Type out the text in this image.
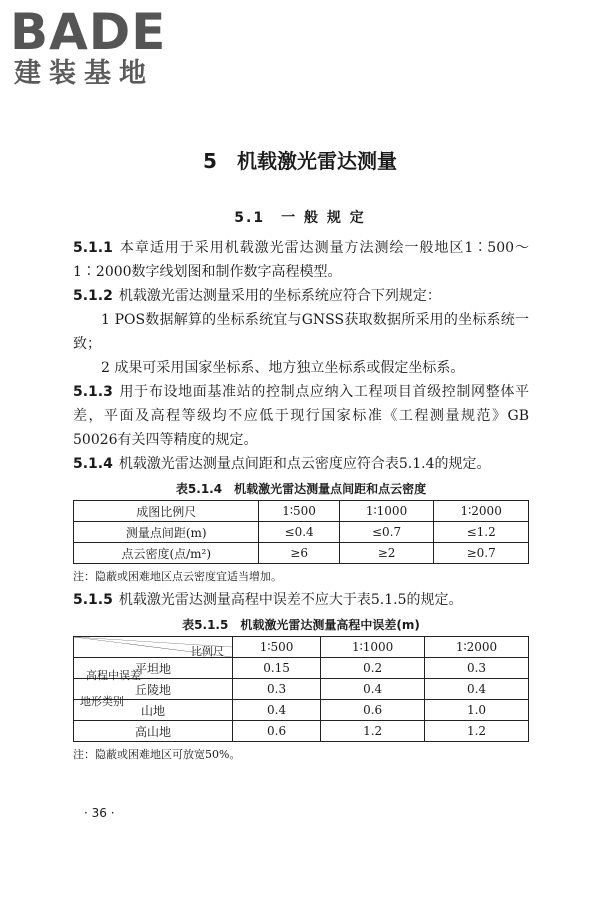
BADE
建装基地
5　机载激光雷达测量
5.1　一 般 规 定
5.1.1 本章适用于采用机载激光雷达测量方法测绘一般地区1∶500～1∶2000数字线划图和制作数字高程模型。
5.1.2 机载激光雷达测量采用的坐标系统应符合下列规定：
1 POS数据解算的坐标系统宜与GNSS获取数据所采用的坐标系统一致；
2 成果可采用国家坐标系、地方独立坐标系或假定坐标系。
5.1.3 用于布设地面基准站的控制点应纳入工程项目首级控制网整体平差，平面及高程等级均不应低于现行国家标准《工程测量规范》GB 50026有关四等精度的规定。
5.1.4 机载激光雷达测量点间距和点云密度应符合表5.1.4的规定。
表5.1.4　机载激光雷达测量点间距和点云密度
成图比例尺	1∶500	1∶1000	1∶2000
测量点间距(m)	≤0.4	≤0.7	≤1.2
点云密度(点/m²)	≥6	≥2	≥0.7
注：隐蔽或困难地区点云密度宜适当增加。
5.1.5 机载激光雷达测量高程中误差不应大于表5.1.5的规定。
表5.1.5　机载激光雷达测量高程中误差(m)
比例尺
高程中误差
地形类别	1∶500	1∶1000	1∶2000
平坦地	0.15	0.2	0.3
丘陵地	0.3	0.4	0.4
山地	0.4	0.6	1.0
高山地	0.6	1.2	1.2
注：隐蔽或困难地区可放宽50%。
· 36 ·
